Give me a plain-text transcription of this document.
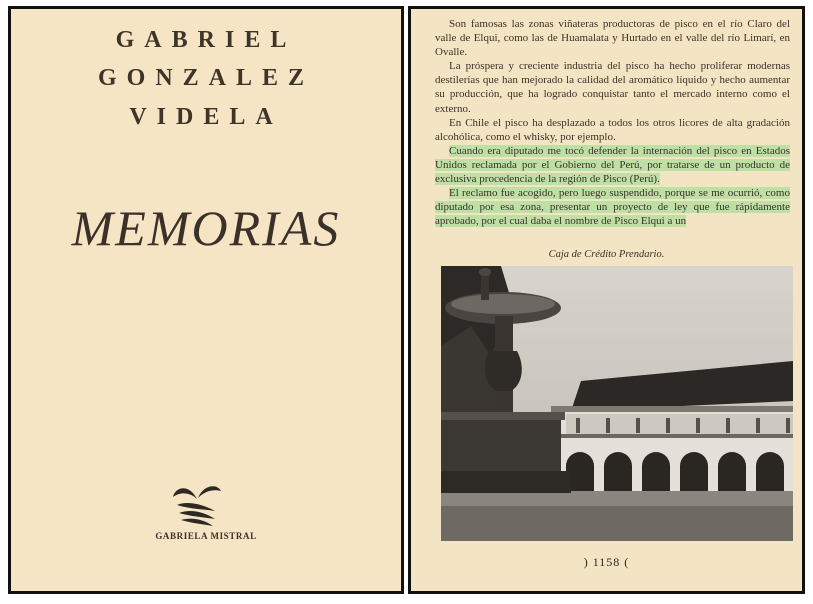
GABRIEL
GONZALEZ
VIDELA
MEMORIAS
GABRIELA MISTRAL

Son famosas las zonas viñateras productoras de pisco en el río Claro del valle de Elqui, como las de Huamalata y Hurtado en el valle del río Limarí, en Ovalle.

La próspera y creciente industria del pisco ha hecho proliferar modernas destilerías que han mejorado la calidad del aromático líquido y hecho aumentar su producción, que ha logrado conquistar tanto el mercado interno como el externo.

En Chile el pisco ha desplazado a todos los otros licores de alta gradación alcohólica, como el whisky, por ejemplo.

Cuando era diputado me tocó defender la internación del pisco en Estados Unidos reclamada por el Gobierno del Perú, por tratarse de un producto de exclusiva procedencia de la región de Pisco (Perú).

El reclamo fue acogido, pero luego suspendido, porque se me ocurrió, como diputado por esa zona, presentar un proyecto de ley que fue rápidamente aprobado, por el cual daba el nombre de Pisco Elqui a un

Caja de Crédito Prendario.
) 1158 (
